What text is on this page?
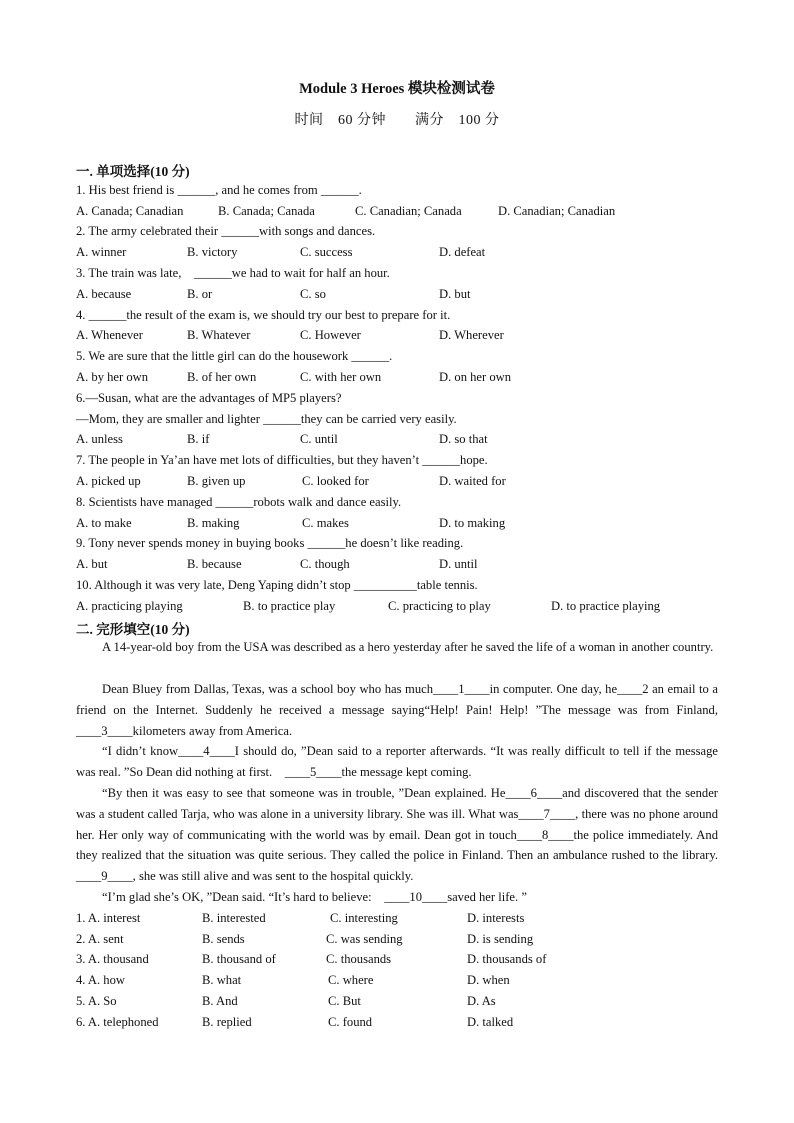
Module 3 Heroes 模块检测试卷
时间　60 分钟　　满分　100 分
一. 单项选择(10 分)
1. His best friend is ______, and he comes from ______.
A. Canada; Canadian	B. Canada; Canada	C. Canadian; Canada	D. Canadian; Canadian
2. The army celebrated their ______with songs and dances.
A. winner	B. victory	C. success	D. defeat
3. The train was late,　______we had to wait for half an hour.
A. because	B. or	C. so	D. but
4. ______the result of the exam is, we should try our best to prepare for it.
A. Whenever	B. Whatever	C. However	D. Wherever
5. We are sure that the little girl can do the housework ______.
A. by her own	B. of her own	C. with her own	D. on her own
6.—Susan, what are the advantages of MP5 players?
—Mom, they are smaller and lighter ______they can be carried very easily.
A. unless	B. if	C. until	D. so that
7. The people in Ya’an have met lots of difficulties, but they haven’t ______hope.
A. picked up	B. given up	C. looked for	D. waited for
8. Scientists have managed ______robots walk and dance easily.
A. to make	B. making	C. makes	D. to making
9. Tony never spends money in buying books ______he doesn’t like reading.
A. but	B. because	C. though	D. until
10. Although it was very late, Deng Yaping didn’t stop __________table tennis.
A. practicing playing	B. to practice play	C. practicing to play	D. to practice playing
二. 完形填空(10 分)
A 14-year-old boy from the USA was described as a hero yesterday after he saved the life of a woman in another country.
Dean Bluey from Dallas, Texas, was a school boy who has much____1____in computer. One day, he____2 an email to a friend on the Internet. Suddenly he received a message saying“Help! Pain! Help! ”The message was from Finland,　____3____kilometers away from America.
“I didn’t know____4____I should do, ”Dean said to a reporter afterwards. “It was really difficult to tell if the message was real. ”So Dean did nothing at first.　____5____the message kept coming.
“By then it was easy to see that someone was in trouble, ”Dean explained. He____6____and discovered that the sender was a student called Tarja, who was alone in a university library. She was ill. What was____7____, there was no phone around her. Her only way of communicating with the world was by email. Dean got in touch____8____the police immediately. And they realized that the situation was quite serious. They called the police in Finland. Then an ambulance rushed to the library.　____9____, she was still alive and was sent to the hospital quickly.
“I’m glad she’s OK, ”Dean said. “It’s hard to believe:　____10____saved her life. ”
1. A. interest	B. interested	C. interesting	D. interests
2. A. sent	B. sends	C. was sending	D. is sending
3. A. thousand	B. thousand of	C. thousands	D. thousands of
4. A. how	B. what	C. where	D. when
5. A. So	B. And	C. But	D. As
6. A. telephoned	B. replied	C. found	D. talked
